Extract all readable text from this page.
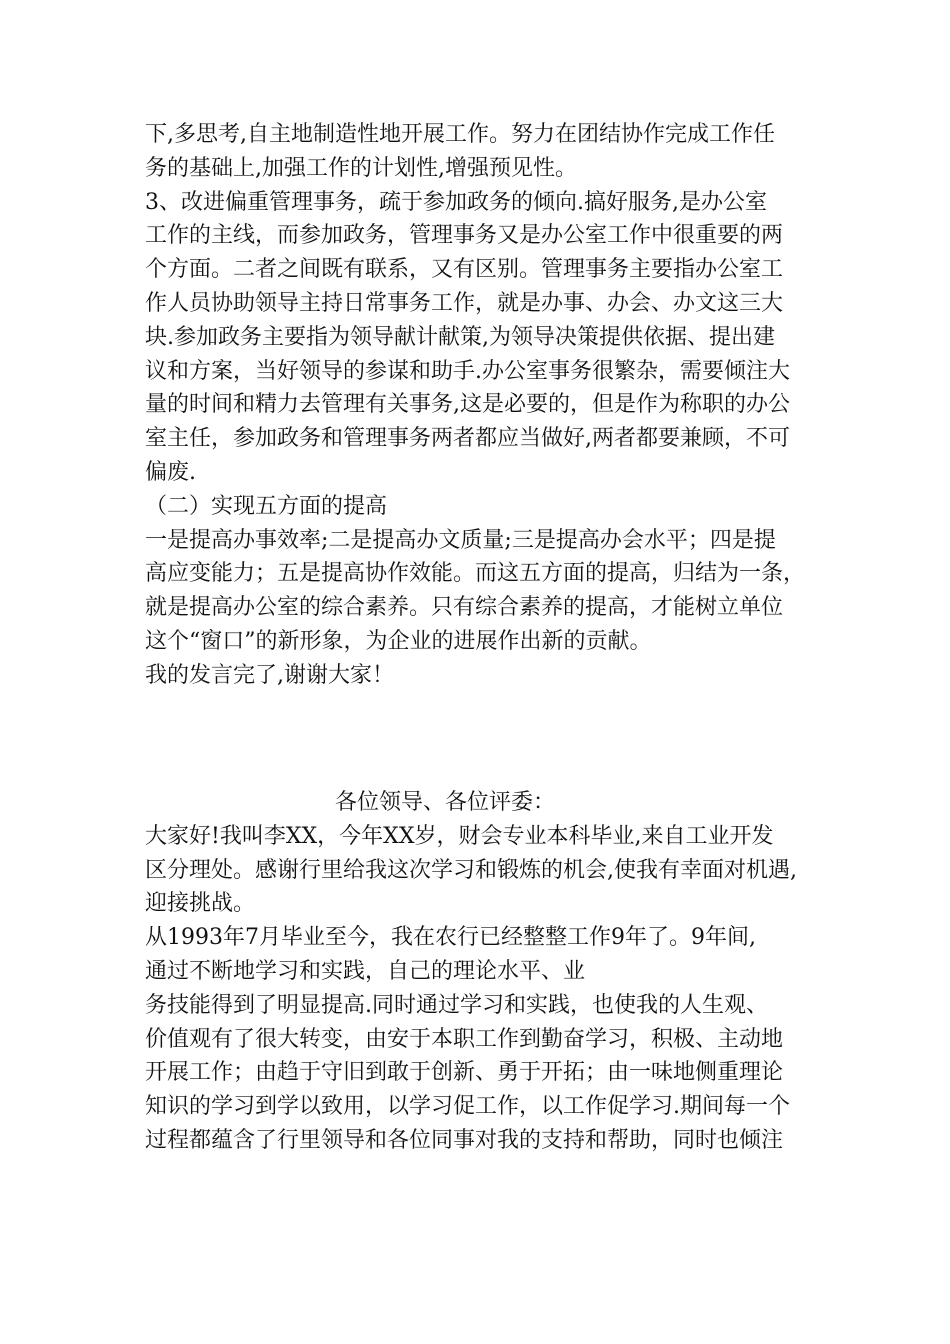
下,多思考,自主地制造性地开展工作。努力在团结协作完成工作任
务的基础上,加强工作的计划性,增强预见性。
3、改进偏重管理事务，疏于参加政务的倾向.搞好服务,是办公室
工作的主线，而参加政务，管理事务又是办公室工作中很重要的两
个方面。二者之间既有联系，又有区别。管理事务主要指办公室工
作人员协助领导主持日常事务工作，就是办事、办会、办文这三大
块.参加政务主要指为领导献计献策,为领导决策提供依据、提出建
议和方案，当好领导的参谋和助手.办公室事务很繁杂，需要倾注大
量的时间和精力去管理有关事务,这是必要的，但是作为称职的办公
室主任，参加政务和管理事务两者都应当做好,两者都要兼顾，不可
偏废.
（二）实现五方面的提高
一是提高办事效率;二是提高办文质量;三是提高办会水平；四是提
高应变能力；五是提高协作效能。而这五方面的提高，归结为一条，
就是提高办公室的综合素养。只有综合素养的提高，才能树立单位
这个“窗口”的新形象，为企业的进展作出新的贡献。
我的发言完了,谢谢大家！
各位领导、各位评委：
大家好!我叫李XX，今年XX岁，财会专业本科毕业,来自工业开发
区分理处。感谢行里给我这次学习和锻炼的机会,使我有幸面对机遇,
迎接挑战。
从1993年7月毕业至今，我在农行已经整整工作9年了。9年间,
通过不断地学习和实践，自己的理论水平、业
务技能得到了明显提高.同时通过学习和实践，也使我的人生观、
价值观有了很大转变，由安于本职工作到勤奋学习，积极、主动地
开展工作；由趋于守旧到敢于创新、勇于开拓；由一味地侧重理论
知识的学习到学以致用，以学习促工作，以工作促学习.期间每一个
过程都蕴含了行里领导和各位同事对我的支持和帮助，同时也倾注
